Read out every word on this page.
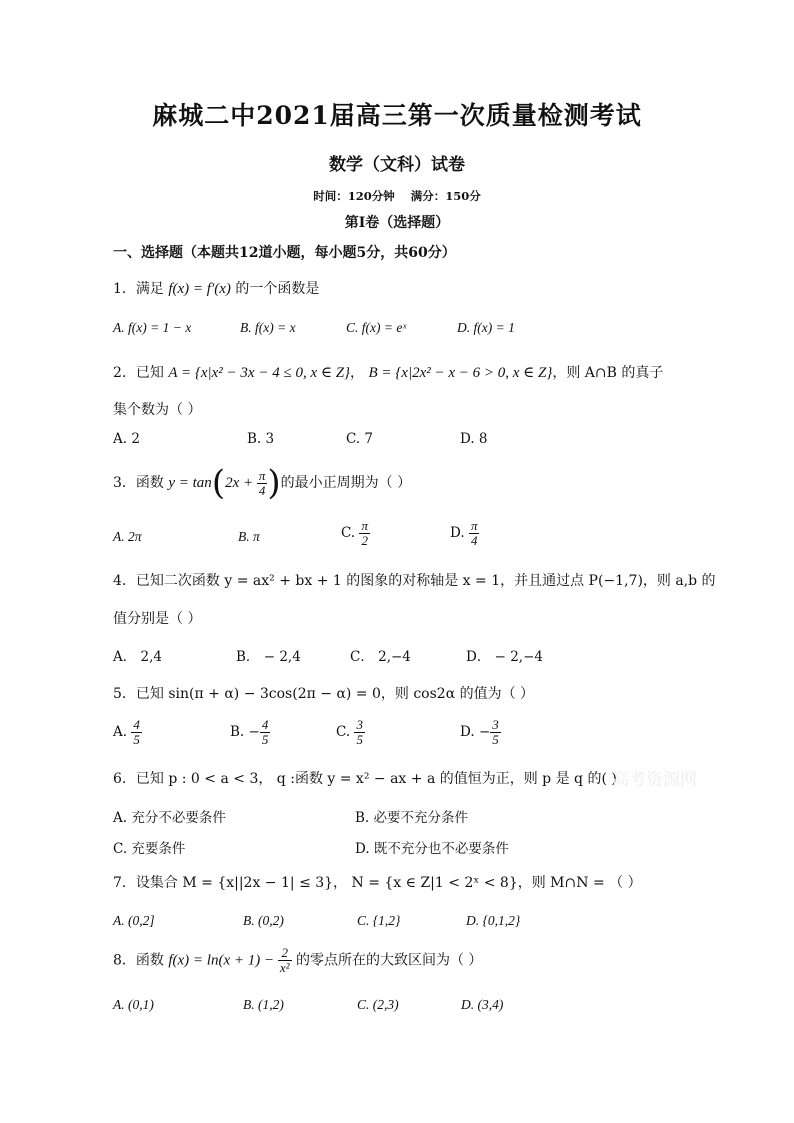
麻城二中2021届高三第一次质量检测考试
数学（文科）试卷
时间：120分钟 满分：150分
第Ⅰ卷（选择题）
一、选择题（本题共12道小题，每小题5分，共60分）
1．满足 f(x) = f′(x) 的一个函数是
A. f(x) = 1 − x	B. f(x) = x	C. f(x) = eˣ	D. f(x) = 1
2．已知 A = {x|x² − 3x − 4 ≤ 0, x ∈ Z}， B = {x|2x² − x − 6 > 0, x ∈ Z}，则 A∩B 的真子
集个数为（ ）
A. 2	B. 3	C. 7	D. 8
3．函数 $y = \tan(2x + \frac{\pi}{4}$ )的最小正周期为（ ）
A. 2π	B. π	C. $\frac{\pi}{2}$	D. $\frac{\pi}{4}$
4．已知二次函数 y = ax² + bx + 1 的图象的对称轴是 x = 1，并且通过点 P(−1,7)，则 a,b 的
值分别是（ ）
A． 2,4	B． − 2,4	C． 2,−4	D． − 2,−4
5．已知 sin(π + α) − 3cos(2π − α) = 0，则 cos2α 的值为（ ）
A. $\frac{4}{5}$	B. − $\frac{4}{5}$	C. $\frac{3}{5}$	D. − $\frac{3}{5}$
6．已知 p : 0 < a < 3， q :函数 y = x² − ax + a 的值恒为正，则 p 是 q 的( )
A. 充分不必要条件	B. 必要不充分条件
C. 充要条件	D. 既不充分也不必要条件
7．设集合 M = {x||2x − 1| ≤ 3}， N = {x ∈ Z|1 < 2ˣ < 8}，则 M∩N = （ ）
A. (0,2]	B. (0,2)	C. {1,2}	D. {0,1,2}
8．函数 $f(x) = \ln(x + 1) - \frac{2}{\text{x²}}$ 的零点所在的大致区间为（ ）
A. (0,1)	B. (1,2)	C. (2,3)	D. (3,4)
高考资源网
